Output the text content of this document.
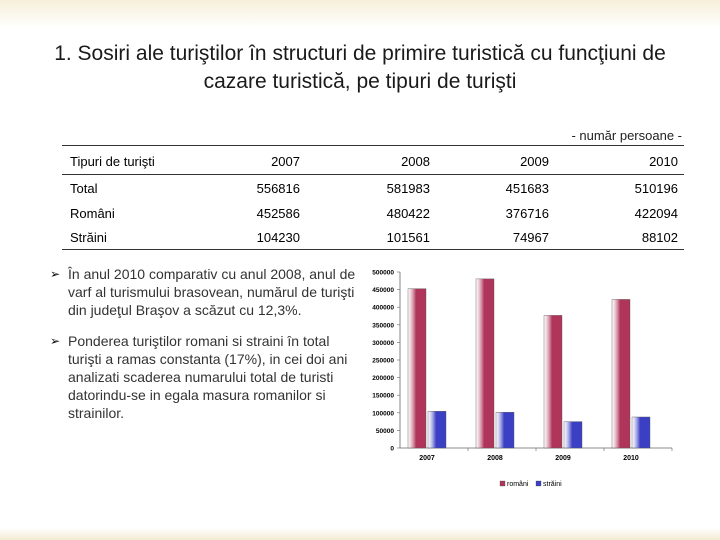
1. Sosiri ale turiştilor în structuri de primire turistică cu funcţiuni de cazare turistică, pe tipuri de turişti
- număr persoane -
Tipuri de turişti	2007	2008	2009	2010
Total	556816	581983	451683	510196
Români	452586	480422	376716	422094
Străini	104230	101561	74967	88102
➢ În anul 2010 comparativ cu anul 2008, anul de varf al turismului brasovean, numărul de turişti din judeţul Braşov a scăzut cu 12,3%.
➢ Ponderea turiştilor romani si straini în total turişti a ramas constanta (17%), in cei doi ani analizati scaderea numarului total de turisti datorindu-se in egala masura romanilor si strainilor.
0
50000
100000
150000
200000
250000
300000
350000
400000
450000
500000
2007	2008	2009	2010
români străini
